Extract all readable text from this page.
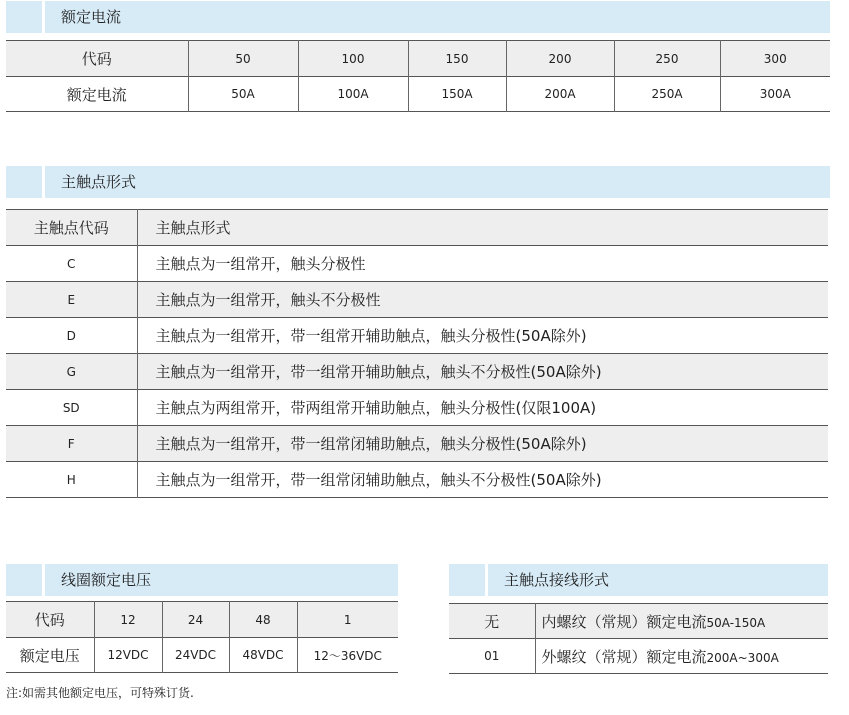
额定电流
代码	50	100	150	200	250	300
额定电流	50A	100A	150A	200A	250A	300A
主触点形式
主触点代码	主触点形式
C	主触点为一组常开，触头分极性
E	主触点为一组常开，触头不分极性
D	主触点为一组常开，带一组常开辅助触点，触头分极性(50A除外)
G	主触点为一组常开，带一组常开辅助触点，触头不分极性(50A除外)
SD	主触点为两组常开，带两组常开辅助触点，触头分极性(仅限100A)
F	主触点为一组常开，带一组常闭辅助触点，触头分极性(50A除外)
H	主触点为一组常开，带一组常闭辅助触点，触头不分极性(50A除外)
线圈额定电压
代码	12	24	48	1
额定电压	12VDC	24VDC	48VDC	12～36VDC
主触点接线形式
无	内螺纹（常规）额定电流50A-150A
01	外螺纹（常规）额定电流200A~300A
注:如需其他额定电压，可特殊订货.
